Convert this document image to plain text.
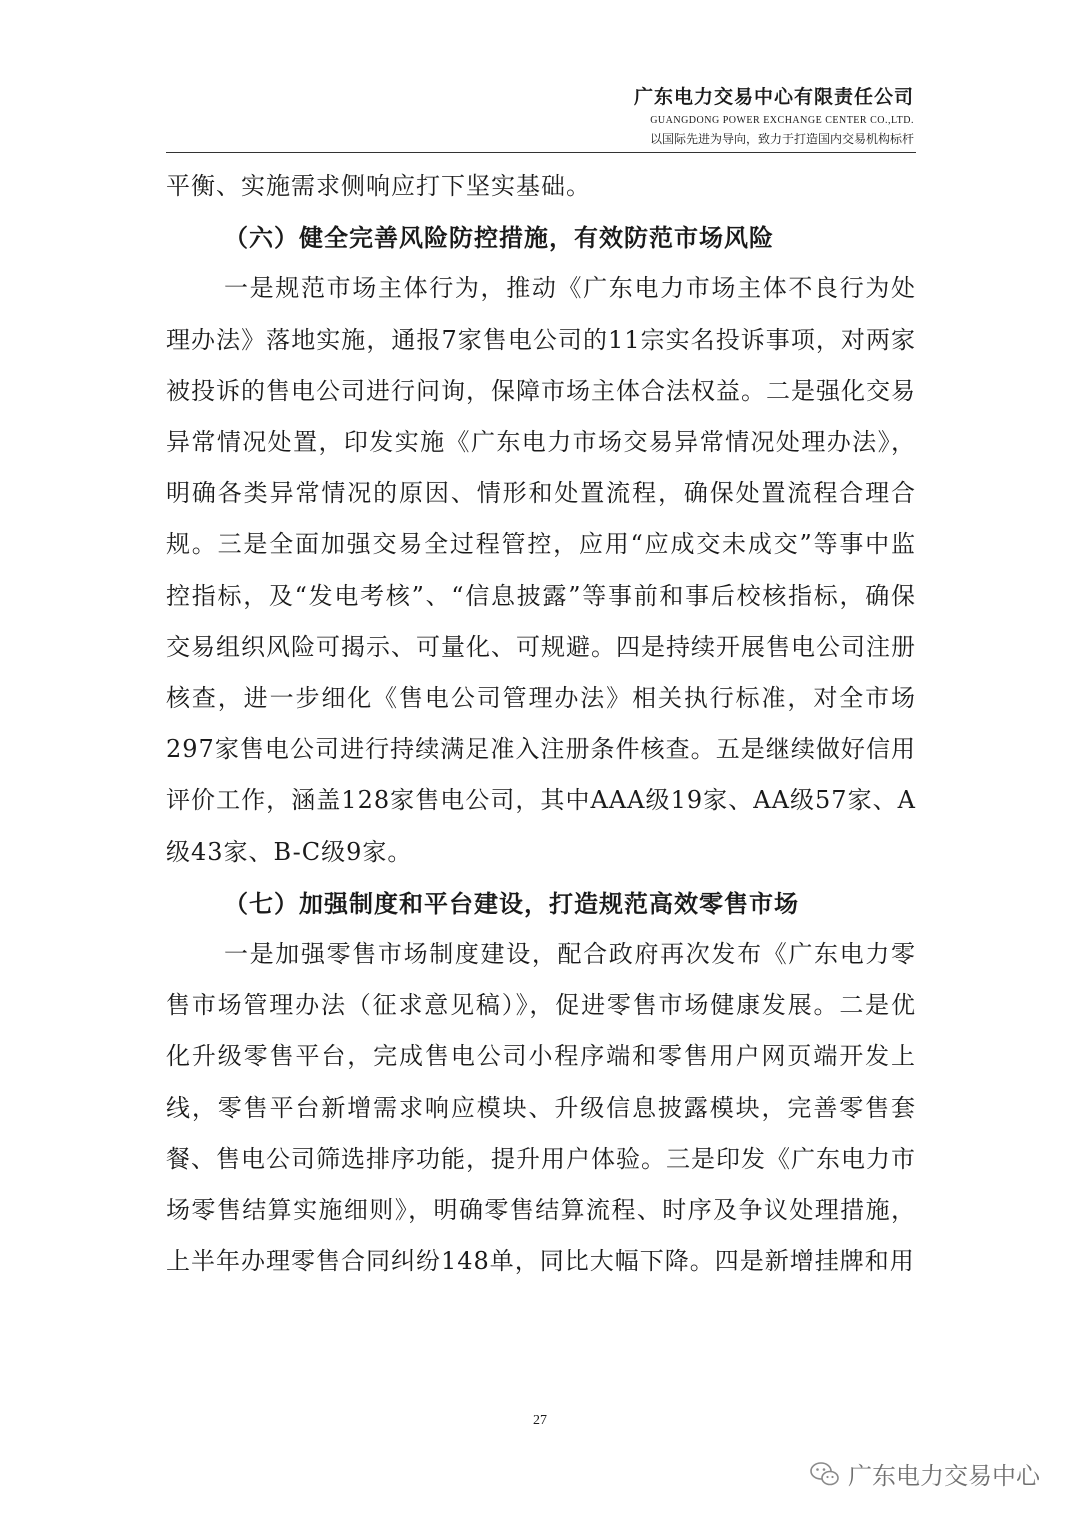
广东电力交易中心有限责任公司
GUANGDONG POWER EXCHANGE CENTER CO.,LTD.
以国际先进为导向，致力于打造国内交易机构标杆

平衡、实施需求侧响应打下坚实基础。

（六）健全完善风险防控措施，有效防范市场风险

一是规范市场主体行为，推动《广东电力市场主体不良行为处理办法》落地实施，通报7家售电公司的11宗实名投诉事项，对两家被投诉的售电公司进行问询，保障市场主体合法权益。二是强化交易异常情况处置，印发实施《广东电力市场交易异常情况处理办法》，明确各类异常情况的原因、情形和处置流程，确保处置流程合理合规。三是全面加强交易全过程管控，应用“应成交未成交”等事中监控指标，及“发电考核”、“信息披露”等事前和事后校核指标，确保交易组织风险可揭示、可量化、可规避。四是持续开展售电公司注册核查，进一步细化《售电公司管理办法》相关执行标准，对全市场297家售电公司进行持续满足准入注册条件核查。五是继续做好信用评价工作，涵盖128家售电公司，其中AAA级19家、AA级57家、A级43家、B-C级9家。

（七）加强制度和平台建设，打造规范高效零售市场

一是加强零售市场制度建设，配合政府再次发布《广东电力零售市场管理办法（征求意见稿）》，促进零售市场健康发展。二是优化升级零售平台，完成售电公司小程序端和零售用户网页端开发上线，零售平台新增需求响应模块、升级信息披露模块，完善零售套餐、售电公司筛选排序功能，提升用户体验。三是印发《广东电力市场零售结算实施细则》，明确零售结算流程、时序及争议处理措施，上半年办理零售合同纠纷148单，同比大幅下降。四是新增挂牌和用

27
广东电力交易中心
